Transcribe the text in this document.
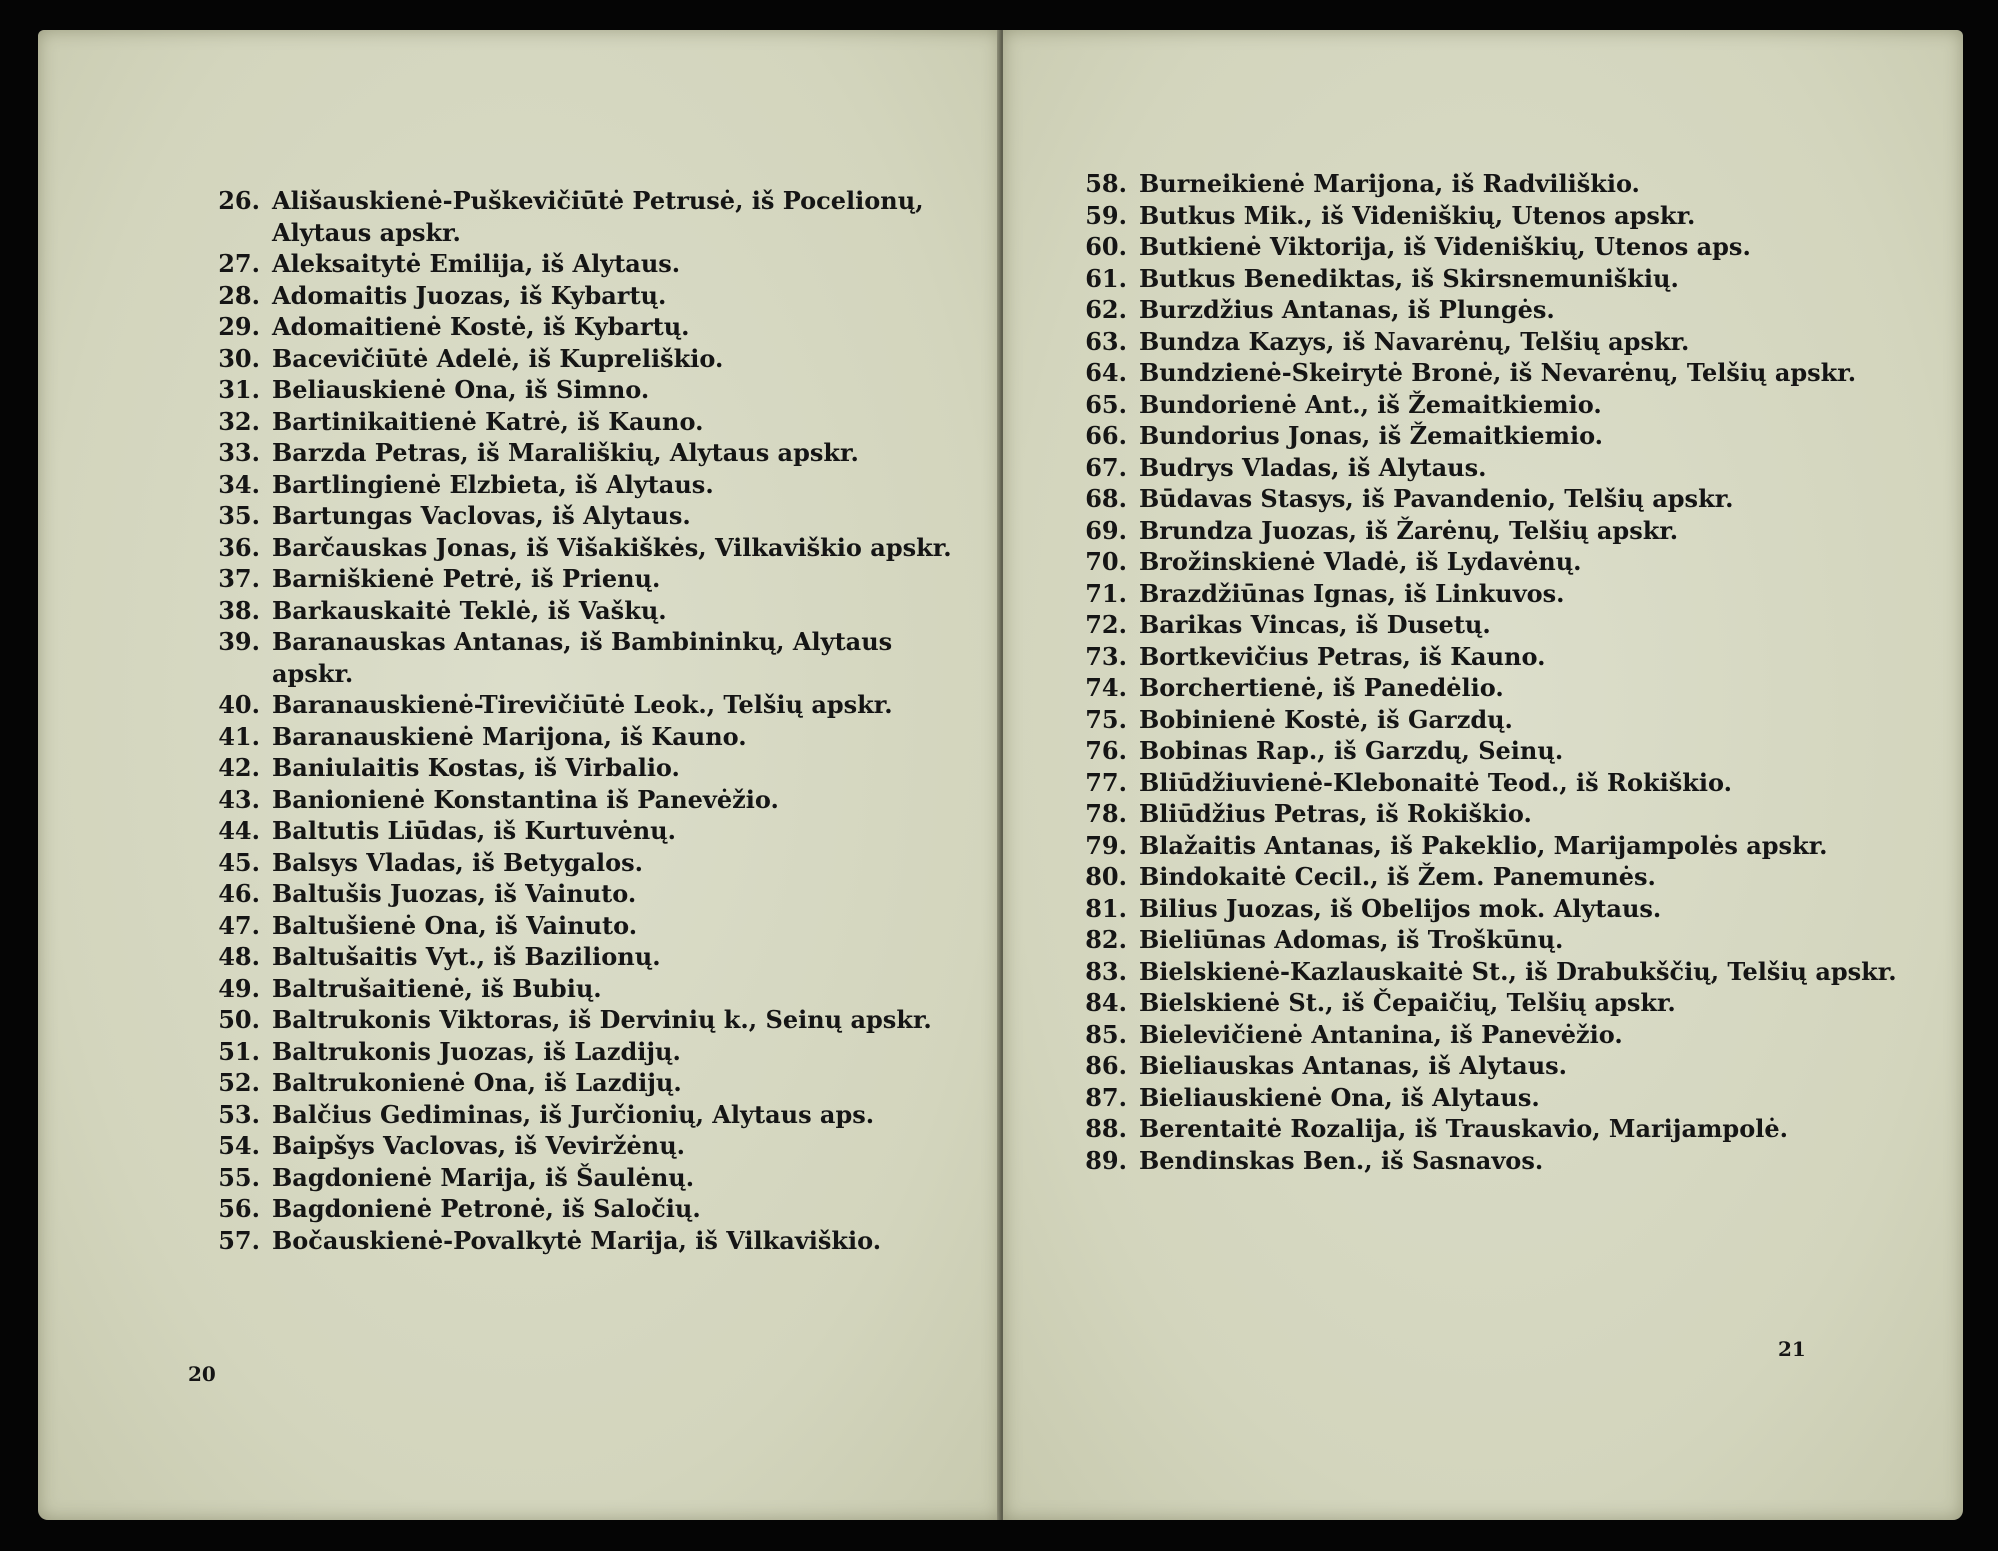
26. Ališauskienė-Puškevičiūtė Petrusė, iš Pocelionų, Alytaus apskr.
27. Aleksaitytė Emilija, iš Alytaus.
28. Adomaitis Juozas, iš Kybartų.
29. Adomaitienė Kostė, iš Kybartų.
30. Bacevičiūtė Adelė, iš Kupreliškio.
31. Beliauskienė Ona, iš Simno.
32. Bartinikaitienė Katrė, iš Kauno.
33. Barzda Petras, iš Marališkių, Alytaus apskr.
34. Bartlingienė Elzbieta, iš Alytaus.
35. Bartungas Vaclovas, iš Alytaus.
36. Barčauskas Jonas, iš Višakiškės, Vilkaviškio apskr.
37. Barniškienė Petrė, iš Prienų.
38. Barkauskaitė Teklė, iš Vaškų.
39. Baranauskas Antanas, iš Bambininkų, Alytaus apskr.
40. Baranauskienė-Tirevičiūtė Leok., Telšių apskr.
41. Baranauskienė Marijona, iš Kauno.
42. Baniulaitis Kostas, iš Virbalio.
43. Banionienė Konstantina iš Panevėžio.
44. Baltutis Liūdas, iš Kurtuvėnų.
45. Balsys Vladas, iš Betygalos.
46. Baltušis Juozas, iš Vainuto.
47. Baltušienė Ona, iš Vainuto.
48. Baltušaitis Vyt., iš Bazilionų.
49. Baltrušaitienė, iš Bubių.
50. Baltrukonis Viktoras, iš Dervinių k., Seinų apskr.
51. Baltrukonis Juozas, iš Lazdijų.
52. Baltrukonienė Ona, iš Lazdijų.
53. Balčius Gediminas, iš Jurčionių, Alytaus aps.
54. Baipšys Vaclovas, iš Veviržėnų.
55. Bagdonienė Marija, iš Šaulėnų.
56. Bagdonienė Petronė, iš Saločių.
57. Bočauskienė-Povalkytė Marija, iš Vilkaviškio.
20
58. Burneikienė Marijona, iš Radviliškio.
59. Butkus Mik., iš Videniškių, Utenos apskr.
60. Butkienė Viktorija, iš Videniškių, Utenos aps.
61. Butkus Benediktas, iš Skirsnemuniškių.
62. Burzdžius Antanas, iš Plungės.
63. Bundza Kazys, iš Navarėnų, Telšių apskr.
64. Bundzienė-Skeirytė Bronė, iš Nevarėnų, Telšių apskr.
65. Bundorienė Ant., iš Žemaitkiemio.
66. Bundorius Jonas, iš Žemaitkiemio.
67. Budrys Vladas, iš Alytaus.
68. Būdavas Stasys, iš Pavandenio, Telšių apskr.
69. Brundza Juozas, iš Žarėnų, Telšių apskr.
70. Brožinskienė Vladė, iš Lydavėnų.
71. Brazdžiūnas Ignas, iš Linkuvos.
72. Barikas Vincas, iš Dusetų.
73. Bortkevičius Petras, iš Kauno.
74. Borchertienė, iš Panedėlio.
75. Bobinienė Kostė, iš Garzdų.
76. Bobinas Rap., iš Garzdų, Seinų.
77. Bliūdžiuvienė-Klebonaitė Teod., iš Rokiškio.
78. Bliūdžius Petras, iš Rokiškio.
79. Blažaitis Antanas, iš Pakeklio, Marijampolės apskr.
80. Bindokaitė Cecil., iš Žem. Panemunės.
81. Bilius Juozas, iš Obelijos mok. Alytaus.
82. Bieliūnas Adomas, iš Troškūnų.
83. Bielskienė-Kazlauskaitė St., iš Drabukščių, Telšių apskr.
84. Bielskienė St., iš Čepaičių, Telšių apskr.
85. Bielevičienė Antanina, iš Panevėžio.
86. Bieliauskas Antanas, iš Alytaus.
87. Bieliauskienė Ona, iš Alytaus.
88. Berentaitė Rozalija, iš Trauskavio, Marijampolė.
89. Bendinskas Ben., iš Sasnavos.
21
